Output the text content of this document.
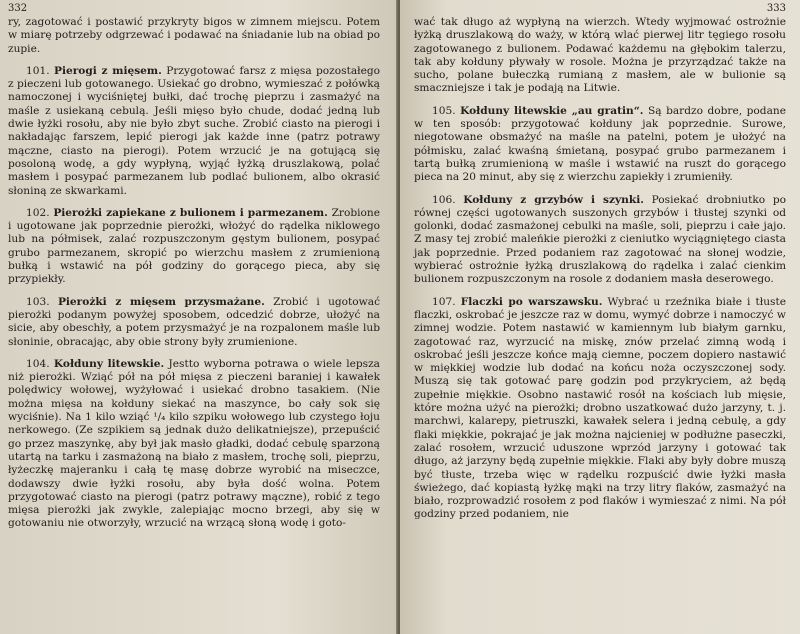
332

ry, zagotować i postawić przykryty bigos w zimnem miejscu. Potem w miarę potrzeby odgrzewać i podawać na śniadanie lub na obiad po zupie.

101. Pierogi z mięsem. Przygotować farsz z mięsa pozostałego z pieczeni lub gotowanego. Usiekać go drobno, wymieszać z połówką namoczonej i wyciśniętej bułki, dać trochę pieprzu i zasmażyć na maśle z usiekaną cebulą. Jeśli mięso było chude, dodać jedną lub dwie łyżki rosołu, aby nie było zbyt suche. Zrobić ciasto na pierogi i nakładając farszem, lepić pierogi jak każde inne (patrz potrawy mączne, ciasto na pierogi). Potem wrzucić je na gotującą się posoloną wodę, a gdy wypłyną, wyjąć łyżką druszlakową, polać masłem i posypać parmezanem lub podlać bulionem, albo okrasić słoniną ze skwarkami.

102. Pierożki zapiekane z bulionem i parmezanem. Zrobione i ugotowane jak poprzednie pierożki, włożyć do rądelka niklowego lub na półmisek, zalać rozpuszczonym gęstym bulionem, posypać grubo parmezanem, skropić po wierzchu masłem z zrumienioną bułką i wstawić na pół godziny do gorącego pieca, aby się przypiekły.

103. Pierożki z mięsem przysmażane. Zrobić i ugotować pierożki podanym powyżej sposobem, odcedzić dobrze, ułożyć na sicie, aby obeschły, a potem przysmażyć je na rozpalonem maśle lub słoninie, obracając, aby obie strony były zrumienione.

104. Kołduny litewskie. Jestto wyborna potrawa o wiele lepsza niż pierożki. Wziąć pół na pół mięsa z pieczeni baraniej i kawałek polędwicy wołowej, wyżyłować i usiekać drobno tasakiem. (Nie można mięsa na kołduny siekać na maszynce, bo cały sok się wyciśnie). Na 1 kilo wziąć ¹/₄ kilo szpiku wołowego lub czystego łoju nerkowego. (Ze szpikiem są jednak dużo delikatniejsze), przepuścić go przez maszynkę, aby był jak masło gładki, dodać cebulę sparzoną utartą na tarku i zasmażoną na biało z masłem, trochę soli, pieprzu, łyżeczkę majeranku i całą tę masę dobrze wyrobić na miseczce, dodawszy dwie łyżki rosołu, aby była dość wolna. Potem przygotować ciasto na pierogi (patrz potrawy mączne), robić z tego mięsa pierożki jak zwykle, zalepiając mocno brzegi, aby się w gotowaniu nie otworzyły, wrzucić na wrzącą słoną wodę i goto-

333

wać tak długo aż wypłyną na wierzch. Wtedy wyjmować ostrożnie łyżką druszlakową do waży, w którą wlać pierwej litr tęgiego rosołu zagotowanego z bulionem. Podawać każdemu na głębokim talerzu, tak aby kołduny pływały w rosole. Można je przyrządzać także na sucho, polane bułeczką rumianą z masłem, ale w bulionie są smaczniejsze i tak je podają na Litwie.

105. Kołduny litewskie „au gratin“. Są bardzo dobre, podane w ten sposób: przygotować kołduny jak poprzednie. Surowe, niegotowane obsmażyć na maśle na patelni, potem je ułożyć na półmisku, zalać kwaśną śmietaną, posypać grubo parmezanem i tartą bułką zrumienioną w maśle i wstawić na ruszt do gorącego pieca na 20 minut, aby się z wierzchu zapiekły i zrumieniły.

106. Kołduny z grzybów i szynki. Posiekać drobniutko po równej części ugotowanych suszonych grzybów i tłustej szynki od golonki, dodać zasmażonej cebulki na maśle, soli, pieprzu i całe jajo. Z masy tej zrobić maleńkie pierożki z cieniutko wyciągniętego ciasta jak poprzednie. Przed podaniem raz zagotować na słonej wodzie, wybierać ostrożnie łyżką druszlakową do rądelka i zalać cienkim bulionem rozpuszczonym na rosole z dodaniem masła deserowego.

107. Flaczki po warszawsku. Wybrać u rzeźnika białe i tłuste flaczki, oskrobać je jeszcze raz w domu, wymyć dobrze i namoczyć w zimnej wodzie. Potem nastawić w kamiennym lub białym garnku, zagotować raz, wyrzucić na miskę, znów przelać zimną wodą i oskrobać jeśli jeszcze końce mają ciemne, poczem dopiero nastawić w miękkiej wodzie lub dodać na końcu noża oczyszczonej sody. Muszą się tak gotować parę godzin pod przykryciem, aż będą zupełnie miękkie. Osobno nastawić rosół na kościach lub mięsie, które można użyć na pierożki; drobno uszatkować dużo jarzyny, t. j. marchwi, kalarepy, pietruszki, kawałek selera i jedną cebulę, a gdy flaki miękkie, pokrajać je jak można najcieniej w podłużne paseczki, zalać rosołem, wrzucić uduszone wprzód jarzyny i gotować tak długo, aż jarzyny będą zupełnie miękkie. Flaki aby były dobre muszą być tłuste, trzeba więc w rądelku rozpuścić dwie łyżki masła świeżego, dać kopiastą łyżkę mąki na trzy litry flaków, zasmażyć na biało, rozprowadzić rosołem z pod flaków i wymieszać z nimi. Na pół godziny przed podaniem, nie
